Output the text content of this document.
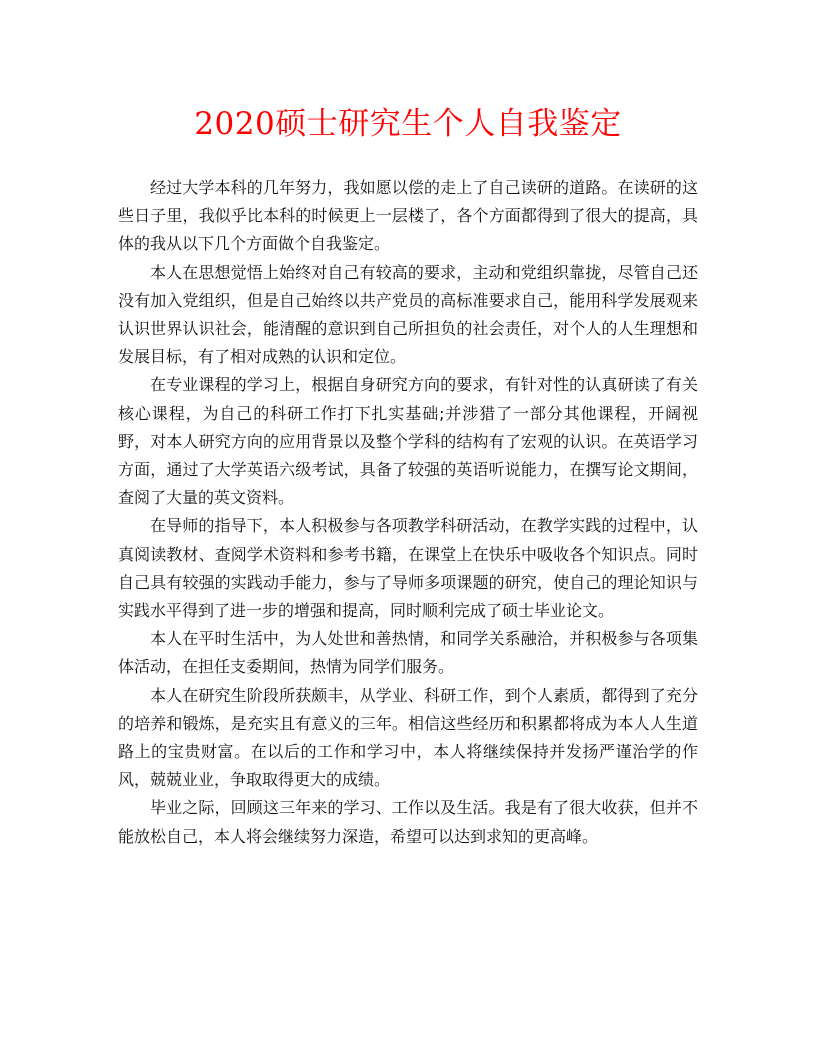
2020硕士研究生个人自我鉴定

经过大学本科的几年努力，我如愿以偿的走上了自己读研的道路。在读研的这些日子里，我似乎比本科的时候更上一层楼了，各个方面都得到了很大的提高，具体的我从以下几个方面做个自我鉴定。

本人在思想觉悟上始终对自己有较高的要求，主动和党组织靠拢，尽管自己还没有加入党组织，但是自己始终以共产党员的高标准要求自己，能用科学发展观来认识世界认识社会，能清醒的意识到自己所担负的社会责任，对个人的人生理想和发展目标，有了相对成熟的认识和定位。

在专业课程的学习上，根据自身研究方向的要求，有针对性的认真研读了有关核心课程，为自己的科研工作打下扎实基础;并涉猎了一部分其他课程，开阔视野，对本人研究方向的应用背景以及整个学科的结构有了宏观的认识。在英语学习方面，通过了大学英语六级考试，具备了较强的英语听说能力，在撰写论文期间，查阅了大量的英文资料。

在导师的指导下，本人积极参与各项教学科研活动，在教学实践的过程中，认真阅读教材、查阅学术资料和参考书籍，在课堂上在快乐中吸收各个知识点。同时自己具有较强的实践动手能力，参与了导师多项课题的研究，使自己的理论知识与实践水平得到了进一步的增强和提高，同时顺利完成了硕士毕业论文。

本人在平时生活中，为人处世和善热情，和同学关系融洽，并积极参与各项集体活动，在担任支委期间，热情为同学们服务。

本人在研究生阶段所获颇丰，从学业、科研工作，到个人素质，都得到了充分的培养和锻炼，是充实且有意义的三年。相信这些经历和积累都将成为本人人生道路上的宝贵财富。在以后的工作和学习中，本人将继续保持并发扬严谨治学的作风，兢兢业业，争取取得更大的成绩。

毕业之际，回顾这三年来的学习、工作以及生活。我是有了很大收获，但并不能放松自己，本人将会继续努力深造，希望可以达到求知的更高峰。
